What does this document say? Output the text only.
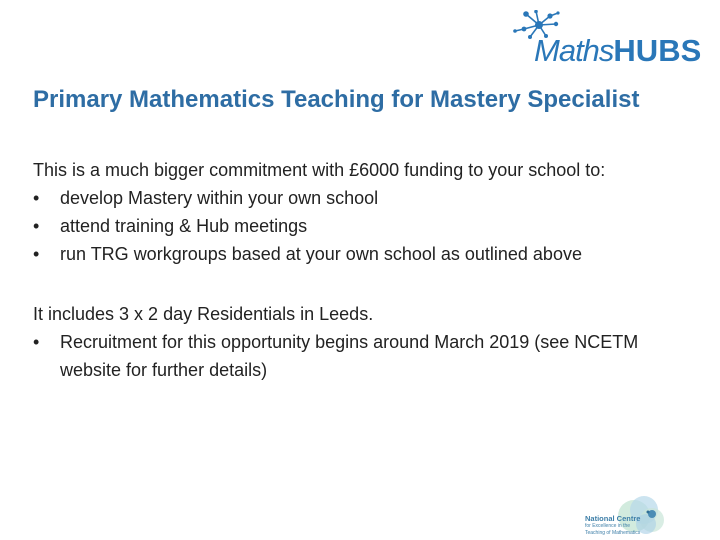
MathsHUBS
Primary Mathematics Teaching for Mastery Specialist

This is a much bigger commitment with £6000 funding to your school to:

• develop Mastery within your own school
• attend training & Hub meetings
• run TRG workgroups based at your own school as outlined above

It includes 3 x 2 day Residentials in Leeds.

• Recruitment for this opportunity begins around March 2019 (see NCETM website for further details)
National Centre
for Excellence in the
Teaching of Mathematics
